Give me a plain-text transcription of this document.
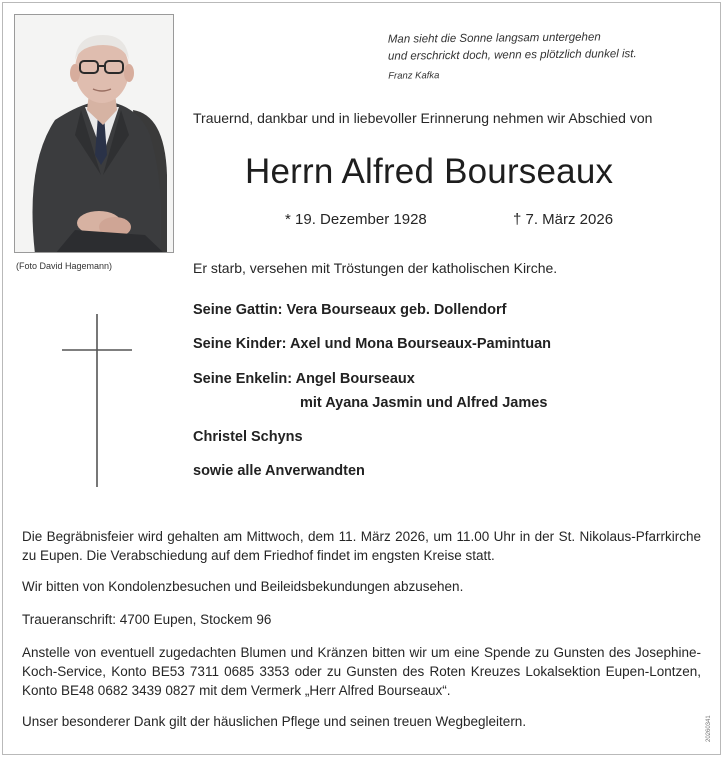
(Foto David Hagemann)
Man sieht die Sonne langsam untergehen
und erschrickt doch, wenn es plötzlich dunkel ist.
Franz Kafka
Trauernd, dankbar und in liebevoller Erinnerung nehmen wir Abschied von
Herrn Alfred Bourseaux
* 19. Dezember 1928	† 7. März 2026
Er starb, versehen mit Tröstungen der katholischen Kirche.
Seine Gattin: Vera Bourseaux geb. Dollendorf
Seine Kinder: Axel und Mona Bourseaux-Pamintuan
Seine Enkelin: Angel Bourseaux
mit Ayana Jasmin und Alfred James
Christel Schyns
sowie alle Anverwandten
Die Begräbnisfeier wird gehalten am Mittwoch, dem 11. März 2026, um 11.00 Uhr in der St. Nikolaus-Pfarrkirche zu Eupen. Die Verabschiedung auf dem Friedhof findet im engsten Kreise statt.
Wir bitten von Kondolenzbesuchen und Beileidsbekundungen abzusehen.
Traueranschrift: 4700 Eupen, Stockem 96
Anstelle von eventuell zugedachten Blumen und Kränzen bitten wir um eine Spende zu Gunsten des Josephine-Koch-Service, Konto BE53 7311 0685 3353 oder zu Gunsten des Roten Kreuzes Lokalsektion Eupen-Lontzen, Konto BE48 0682 3439 0827 mit dem Vermerk „Herr Alfred Bourseaux“.
Unser besonderer Dank gilt der häuslichen Pflege und seinen treuen Wegbegleitern.	20260341
